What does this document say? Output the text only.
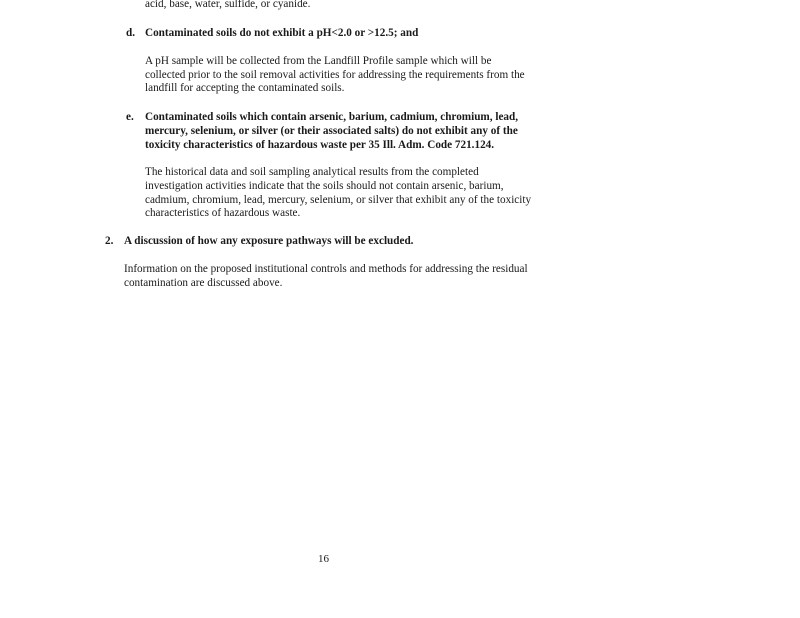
acid, base, water, sulfide, or cyanide.
d. Contaminated soils do not exhibit a pH<2.0 or >12.5; and
A pH sample will be collected from the Landfill Profile sample which will be
collected prior to the soil removal activities for addressing the requirements from the
landfill for accepting the contaminated soils.
e. Contaminated soils which contain arsenic, barium, cadmium, chromium, lead,
mercury, selenium, or silver (or their associated salts) do not exhibit any of the
toxicity characteristics of hazardous waste per 35 Ill. Adm. Code 721.124.
The historical data and soil sampling analytical results from the completed
investigation activities indicate that the soils should not contain arsenic, barium,
cadmium, chromium, lead, mercury, selenium, or silver that exhibit any of the toxicity
characteristics of hazardous waste.
2. A discussion of how any exposure pathways will be excluded.
Information on the proposed institutional controls and methods for addressing the residual
contamination are discussed above.
16
